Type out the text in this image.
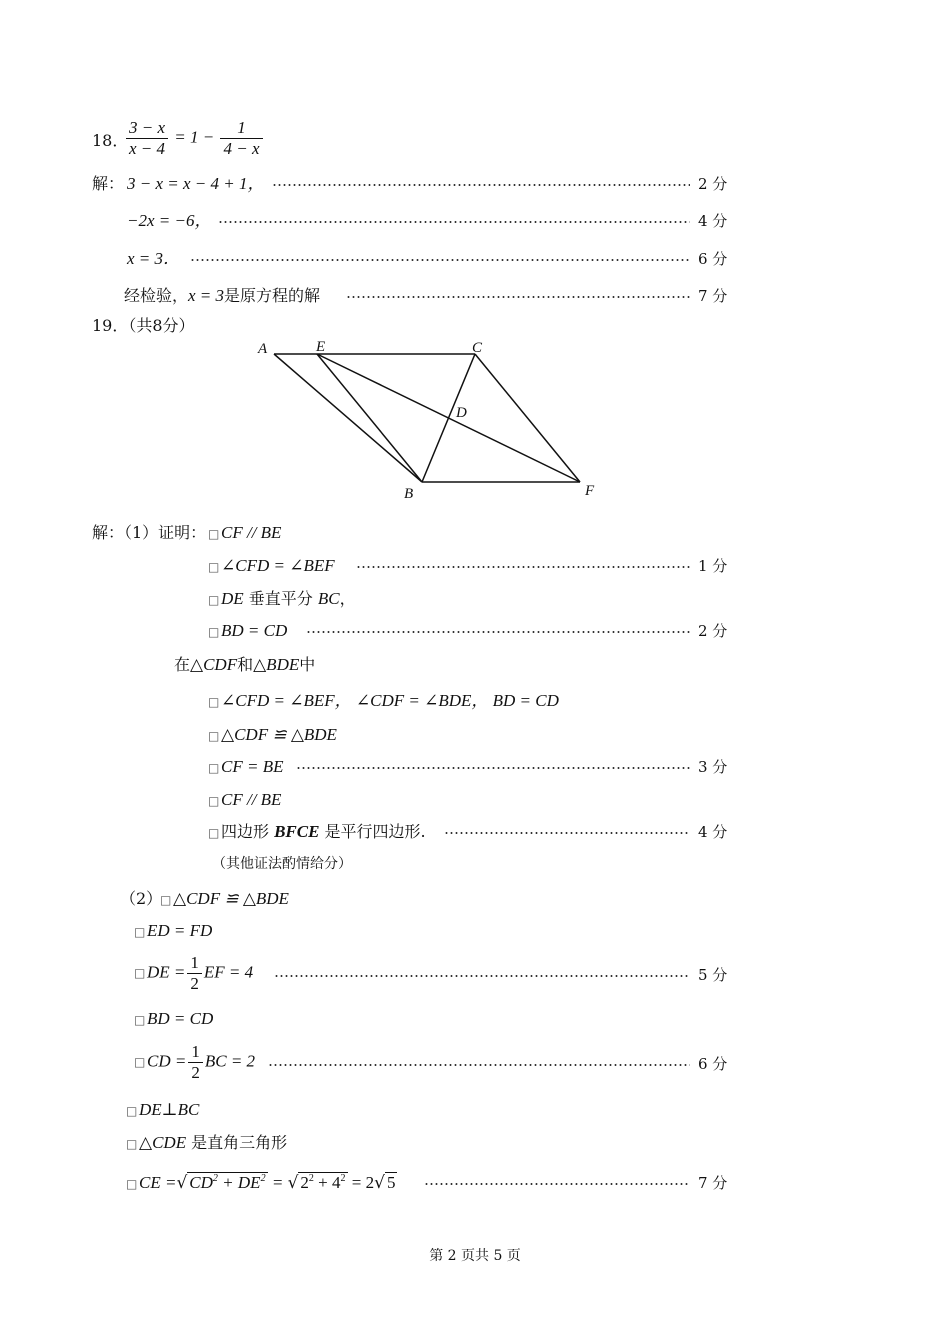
18．
$\frac{3 - x}{x - 4} = 1 - \frac{1}{4 - x}$
解： 3 − x = x − 4 + 1，	2 分
−2x = −6，	4 分
x = 3．	6 分
经检验，x = 3是原方程的解	7 分
19．（共8分）
A	E	C
D
B	F
解：（1）证明： □CF // BE
□∠CFD = ∠BEF	1 分
□DE 垂直平分 BC，
□BD = CD	2 分
在△CDF和△BDE中
□∠CFD = ∠BEF， ∠CDF = ∠BDE， BD = CD
□△CDF ≌ △BDE
□CF = BE	3 分
□CF // BE
□ 四边形 BFCE 是平行四边形.	4 分
（其他证法酌情给分）
（2）
□△CDF ≌ △BDE
□ED = FD
□DE = $\frac{1}{2}$ EF = 4	5 分
□BD = CD
□CD = $\frac{1}{2}$ BC = 2	6 分
□DE⊥BC
□△CDE 是直角三角形
□CE =√ $CD^2 + DE^2$ = √ $2^2 + 4^2 = 2√$ 5	7 分
第 2 页共 5 页
